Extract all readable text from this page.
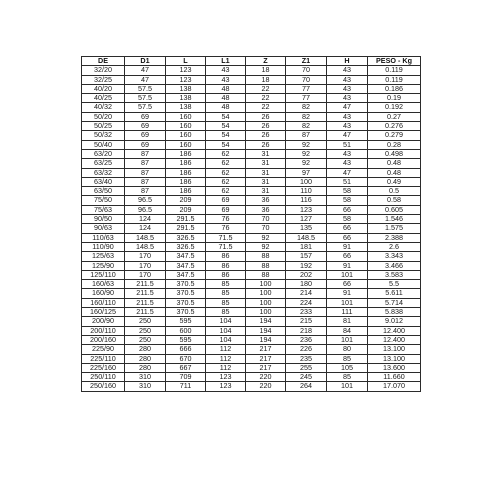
DE	D1	L	L1	Z	Z1	H	PESO - Kg
32/20	47	123	43	18	70	43	0.119
32/25	47	123	43	18	70	43	0.119
40/20	57.5	138	48	22	77	43	0.186
40/25	57.5	138	48	22	77	43	0.19
40/32	57.5	138	48	22	82	47	0.192
50/20	69	160	54	26	82	43	0.27
50/25	69	160	54	26	82	43	0.276
50/32	69	160	54	26	87	47	0.279
50/40	69	160	54	26	92	51	0.28
63/20	87	186	62	31	92	43	0.498
63/25	87	186	62	31	92	43	0.48
63/32	87	186	62	31	97	47	0.48
63/40	87	186	62	31	100	51	0.49
63/50	87	186	62	31	110	58	0.5
75/50	96.5	209	69	36	116	58	0.58
75/63	96.5	209	69	36	123	66	0.605
90/50	124	291.5	76	70	127	58	1.546
90/63	124	291.5	76	70	135	66	1.575
110/63	148.5	326.5	71.5	92	148.5	66	2.388
110/90	148.5	326.5	71.5	92	181	91	2.6
125/63	170	347.5	86	88	157	66	3.343
125/90	170	347.5	86	88	192	91	3.466
125/110	170	347.5	86	88	202	101	3.583
160/63	211.5	370.5	85	100	180	66	5.5
160/90	211.5	370.5	85	100	214	91	5.611
160/110	211.5	370.5	85	100	224	101	5.714
160/125	211.5	370.5	85	100	233	111	5.838
200/90	250	595	104	194	215	81	9.012
200/110	250	600	104	194	218	84	12.400
200/160	250	595	104	194	236	101	12.400
225/90	280	666	112	217	226	80	13.100
225/110	280	670	112	217	235	85	13.100
225/160	280	667	112	217	255	105	13.600
250/110	310	709	123	220	245	85	11.660
250/160	310	711	123	220	264	101	17.070
